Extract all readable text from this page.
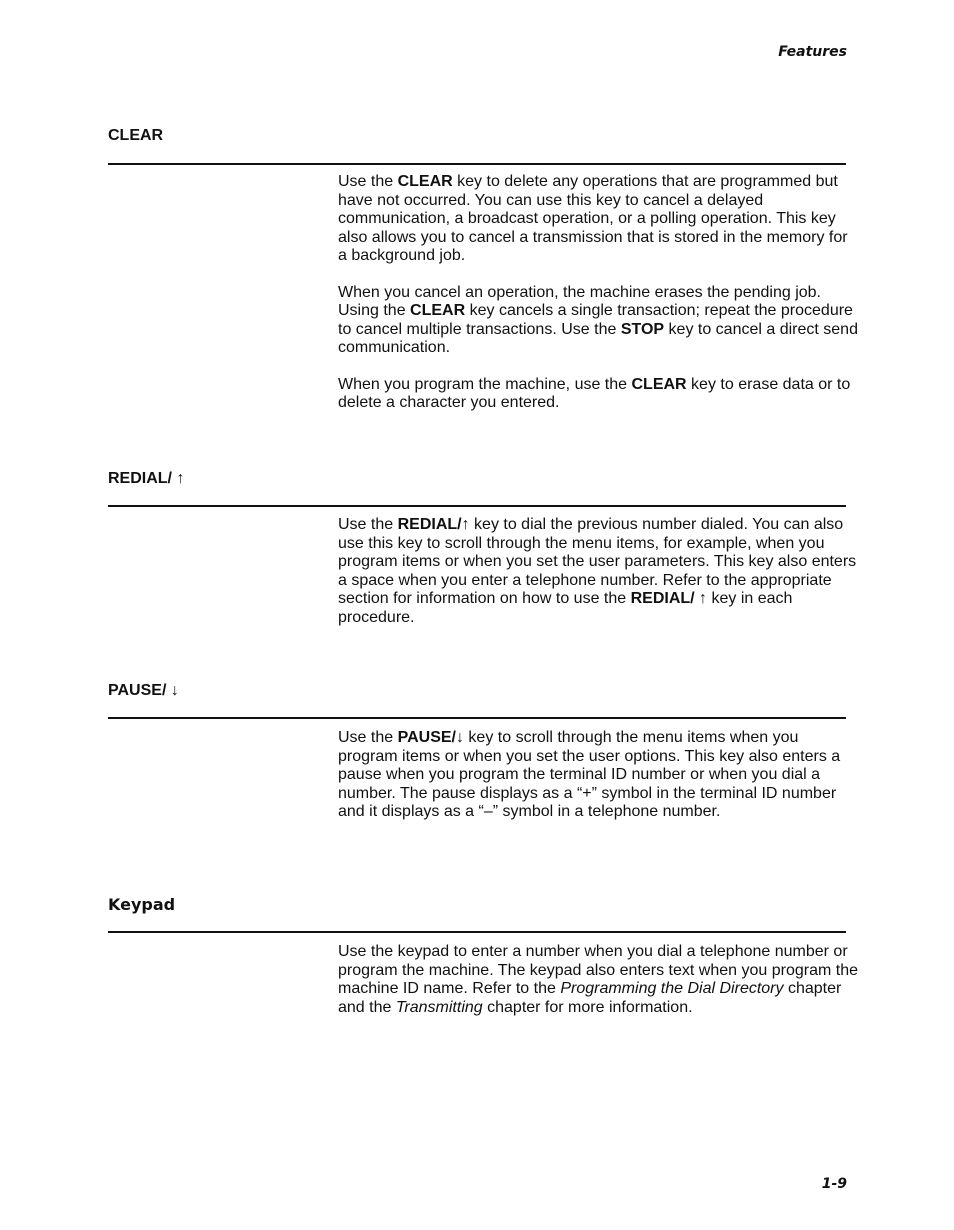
Features
CLEAR

Use the CLEAR key to delete any operations that are programmed but have not occurred. You can use this key to cancel a delayed communication, a broadcast operation, or a polling operation. This key also allows you to cancel a transmission that is stored in the memory for a background job.

When you cancel an operation, the machine erases the pending job. Using the CLEAR key cancels a single transaction; repeat the procedure to cancel multiple transactions. Use the STOP key to cancel a direct send communication.

When you program the machine, use the CLEAR key to erase data or to delete a character you entered.

REDIAL/ ↑

Use the REDIAL/↑ key to dial the previous number dialed. You can also use this key to scroll through the menu items, for example, when you program items or when you set the user parameters. This key also enters a space when you enter a telephone number. Refer to the appropriate section for information on how to use the REDIAL/ ↑ key in each procedure.

PAUSE/ ↓

Use the PAUSE/↓ key to scroll through the menu items when you program items or when you set the user options. This key also enters a pause when you program the terminal ID number or when you dial a number. The pause displays as a “+” symbol in the terminal ID number and it displays as a “–” symbol in a telephone number.

Keypad

Use the keypad to enter a number when you dial a telephone number or program the machine. The keypad also enters text when you program the machine ID name. Refer to the Programming the Dial Directory chapter and the Transmitting chapter for more information.

1-9
